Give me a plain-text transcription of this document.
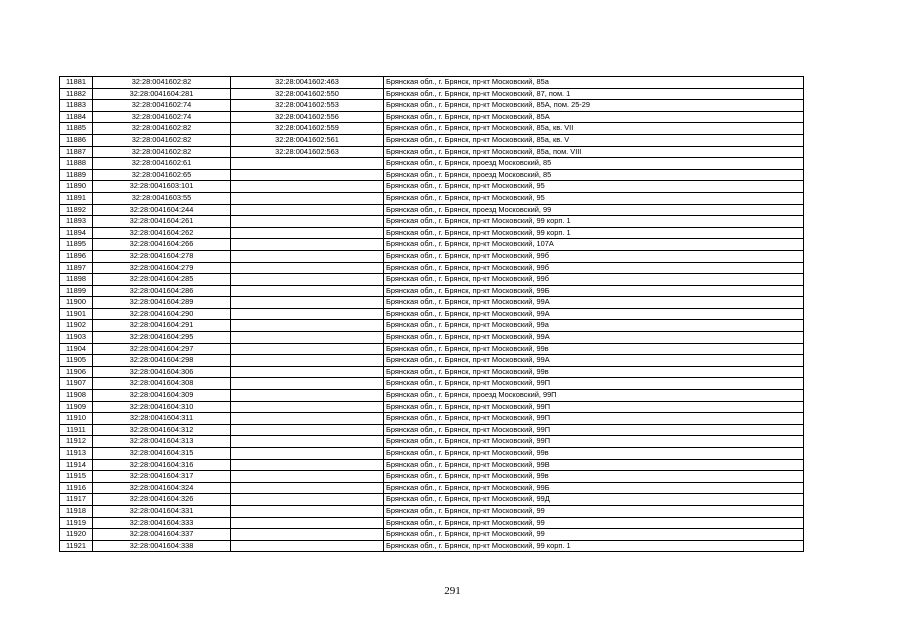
11881	32:28:0041602:82	32:28:0041602:463	Брянская обл., г. Брянск, пр-кт Московский, 85а
11882	32:28:0041604:281	32:28:0041602:550	Брянская обл., г. Брянск, пр-кт Московский, 87, пом. 1
11883	32:28:0041602:74	32:28:0041602:553	Брянская обл., г. Брянск, пр-кт Московский, 85А, пом. 25-29
11884	32:28:0041602:74	32:28:0041602:556	Брянская обл., г. Брянск, пр-кт Московский, 85А
11885	32:28:0041602:82	32:28:0041602:559	Брянская обл., г. Брянск, пр-кт Московский, 85а, кв. VII
11886	32:28:0041602:82	32:28:0041602:561	Брянская обл., г. Брянск, пр-кт Московский, 85а, кв. V
11887	32:28:0041602:82	32:28:0041602:563	Брянская обл., г. Брянск, пр-кт Московский, 85а, пом. VIII
11888	32:28:0041602:61		Брянская обл., г. Брянск, проезд Московский, 85
11889	32:28:0041602:65		Брянская обл., г. Брянск, проезд Московский, 85
11890	32:28:0041603:101		Брянская обл., г. Брянск, пр-кт Московский, 95
11891	32:28:0041603:55		Брянская обл., г. Брянск, пр-кт Московский, 95
11892	32:28:0041604:244		Брянская обл., г. Брянск, проезд Московский, 99
11893	32:28:0041604:261		Брянская обл., г. Брянск, пр-кт Московский, 99 корп. 1
11894	32:28:0041604:262		Брянская обл., г. Брянск, пр-кт Московский, 99 корп. 1
11895	32:28:0041604:266		Брянская обл., г. Брянск, пр-кт Московский, 107А
11896	32:28:0041604:278		Брянская обл., г. Брянск, пр-кт Московский, 99б
11897	32:28:0041604:279		Брянская обл., г. Брянск, пр-кт Московский, 99б
11898	32:28:0041604:285		Брянская обл., г. Брянск, пр-кт Московский, 99б
11899	32:28:0041604:286		Брянская обл., г. Брянск, пр-кт Московский, 99Б
11900	32:28:0041604:289		Брянская обл., г. Брянск, пр-кт Московский, 99А
11901	32:28:0041604:290		Брянская обл., г. Брянск, пр-кт Московский, 99А
11902	32:28:0041604:291		Брянская обл., г. Брянск, пр-кт Московский, 99а
11903	32:28:0041604:295		Брянская обл., г. Брянск, пр-кт Московский, 99А
11904	32:28:0041604:297		Брянская обл., г. Брянск, пр-кт Московский, 99в
11905	32:28:0041604:298		Брянская обл., г. Брянск, пр-кт Московский, 99А
11906	32:28:0041604:306		Брянская обл., г. Брянск, пр-кт Московский, 99в
11907	32:28:0041604:308		Брянская обл., г. Брянск, пр-кт Московский, 99П
11908	32:28:0041604:309		Брянская обл., г. Брянск, проезд Московский, 99П
11909	32:28:0041604:310		Брянская обл., г. Брянск, пр-кт Московский, 99П
11910	32:28:0041604:311		Брянская обл., г. Брянск, пр-кт Московский, 99П
11911	32:28:0041604:312		Брянская обл., г. Брянск, пр-кт Московский, 99П
11912	32:28:0041604:313		Брянская обл., г. Брянск, пр-кт Московский, 99П
11913	32:28:0041604:315		Брянская обл., г. Брянск, пр-кт Московский, 99в
11914	32:28:0041604:316		Брянская обл., г. Брянск, пр-кт Московский, 99В
11915	32:28:0041604:317		Брянская обл., г. Брянск, пр-кт Московский, 99в
11916	32:28:0041604:324		Брянская обл., г. Брянск, пр-кт Московский, 99Б
11917	32:28:0041604:326		Брянская обл., г. Брянск, пр-кт Московский, 99Д
11918	32:28:0041604:331		Брянская обл., г. Брянск, пр-кт Московский, 99
11919	32:28:0041604:333		Брянская обл., г. Брянск, пр-кт Московский, 99
11920	32:28:0041604:337		Брянская обл., г. Брянск, пр-кт Московский, 99
11921	32:28:0041604:338		Брянская обл., г. Брянск, пр-кт Московский, 99 корп. 1
291
